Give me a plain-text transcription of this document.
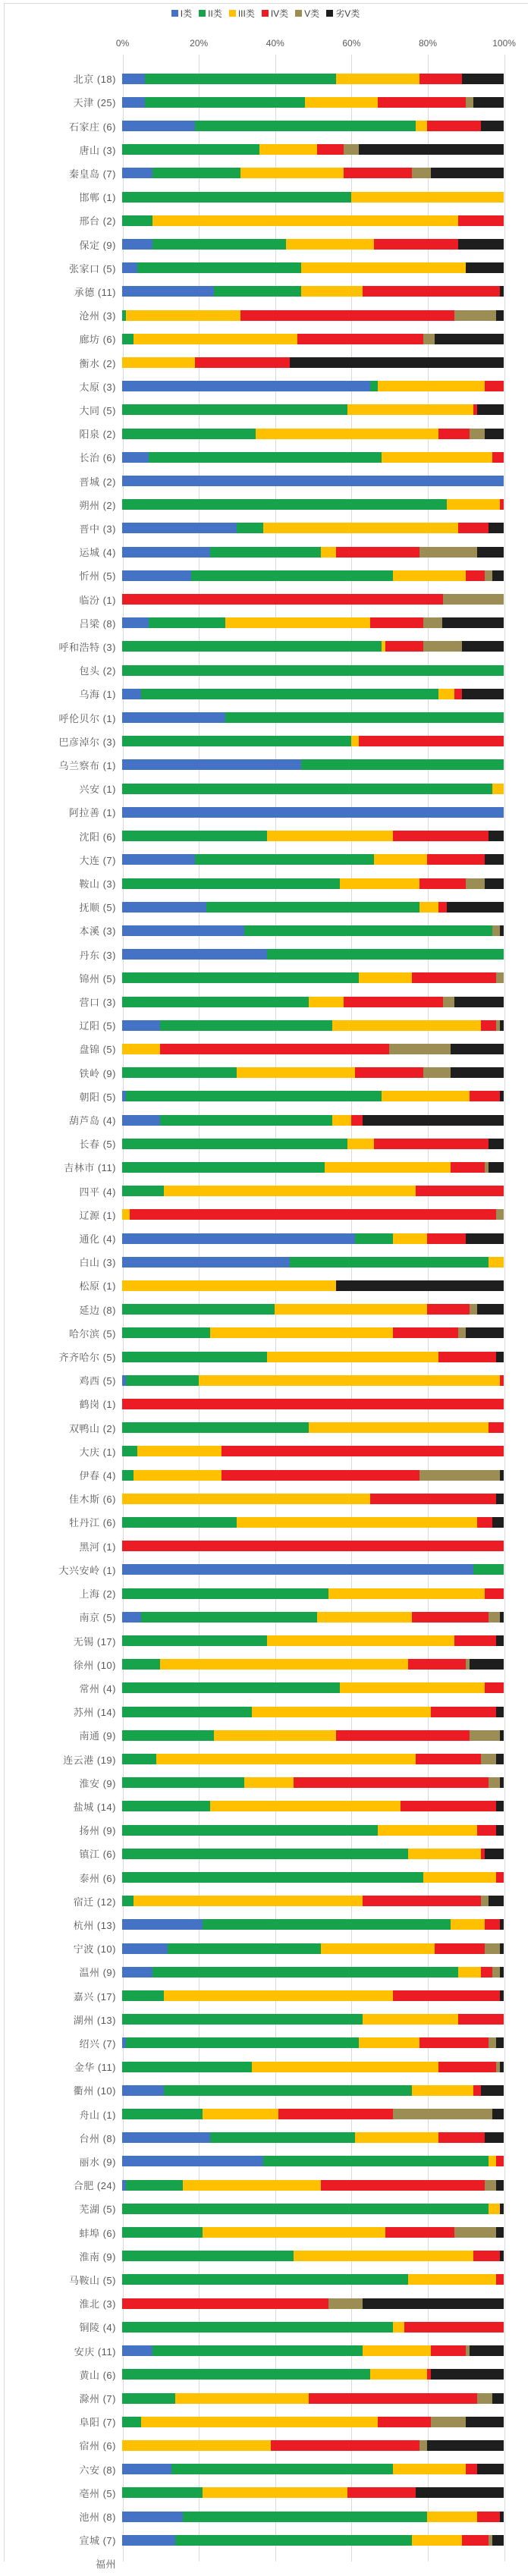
I类 II类 III类 IV类 V类 劣V类
0%	20%	40%	60%	80%	100%
北京 (18)
天津 (25)
石家庄 (6)
唐山 (3)
秦皇岛 (7)
邯郸 (1)
邢台 (2)
保定 (9)
张家口 (5)
承德 (11)
沧州 (3)
廊坊 (6)
衡水 (2)
太原 (3)
大同 (5)
阳泉 (2)
长治 (6)
晋城 (2)
朔州 (2)
晋中 (3)
运城 (4)
忻州 (5)
临汾 (1)
吕梁 (8)
呼和浩特 (3)
包头 (2)
乌海 (1)
呼伦贝尔 (1)
巴彦淖尔 (3)
乌兰察布 (1)
兴安 (1)
阿拉善 (1)
沈阳 (6)
大连 (7)
鞍山 (3)
抚顺 (5)
本溪 (3)
丹东 (3)
锦州 (5)
营口 (3)
辽阳 (5)
盘锦 (5)
铁岭 (9)
朝阳 (5)
葫芦岛 (4)
长春 (5)
吉林市 (11)
四平 (4)
辽源 (1)
通化 (4)
白山 (3)
松原 (1)
延边 (8)
哈尔滨 (5)
齐齐哈尔 (5)
鸡西 (5)
鹤岗 (1)
双鸭山 (2)
大庆 (1)
伊春 (4)
佳木斯 (6)
牡丹江 (6)
黑河 (1)
大兴安岭 (1)
上海 (2)
南京 (5)
无锡 (17)
徐州 (10)
常州 (4)
苏州 (14)
南通 (9)
连云港 (19)
淮安 (9)
盐城 (14)
扬州 (9)
镇江 (6)
泰州 (6)
宿迁 (12)
杭州 (13)
宁波 (10)
温州 (9)
嘉兴 (17)
湖州 (13)
绍兴 (7)
金华 (11)
衢州 (10)
舟山 (1)
台州 (8)
丽水 (9)
合肥 (24)
芜湖 (5)
蚌埠 (6)
淮南 (9)
马鞍山 (5)
淮北 (3)
铜陵 (4)
安庆 (11)
黄山 (6)
滁州 (7)
阜阳 (7)
宿州 (6)
六安 (8)
亳州 (5)
池州 (8)
宣城 (7)
福州
